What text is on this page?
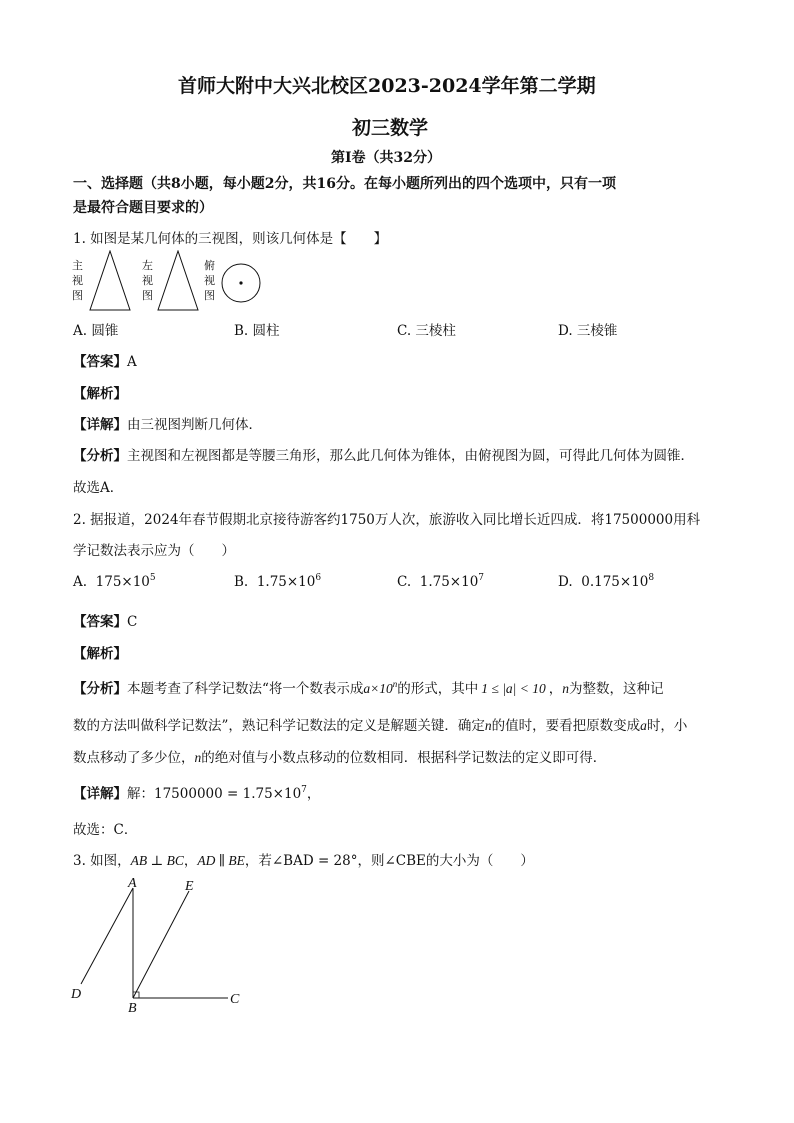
首师大附中大兴北校区2023-2024学年第二学期
初三数学
第Ⅰ卷（共32分）
一、选择题（共8小题，每小题2分，共16分。在每小题所列出的四个选项中，只有一项
是最符合题目要求的）
1. 如图是某几何体的三视图，则该几何体是【　　】
主
视
图
左
视
图
俯
视
图
A. 圆锥	B. 圆柱	C. 三棱柱	D. 三棱锥
【答案】A
【解析】
【详解】由三视图判断几何体．
【分析】主视图和左视图都是等腰三角形，那么此几何体为锥体，由俯视图为圆，可得此几何体为圆锥．
故选A．
2. 据报道，2024年春节假期北京接待游客约1750万人次，旅游收入同比增长近四成．将17500000用科
学记数法表示应为（　　）
A. $175\times 10^5$	B. $1.75\times 10^6$	C. $1.75\times 10^7$	D. $0.175\times 10^8$
【答案】C
【解析】
【分析】本题考查了科学记数法“将一个数表示成$a\times 10^n$的形式，其中 1 ≤ |a| < 10 ，n为整数，这种记
数的方法叫做科学记数法”，熟记科学记数法的定义是解题关键．确定n的值时，要看把原数变成a时，小
数点移动了多少位，n的绝对值与小数点移动的位数相同．根据科学记数法的定义即可得．
【详解】解：$17500000 = 1.75\times 10^7$，
故选：C．
3. 如图，AB ⊥ BC，AD ∥ BE，若∠BAD = 28°，则∠CBE的大小为（　　）
A	E
D
B
C
